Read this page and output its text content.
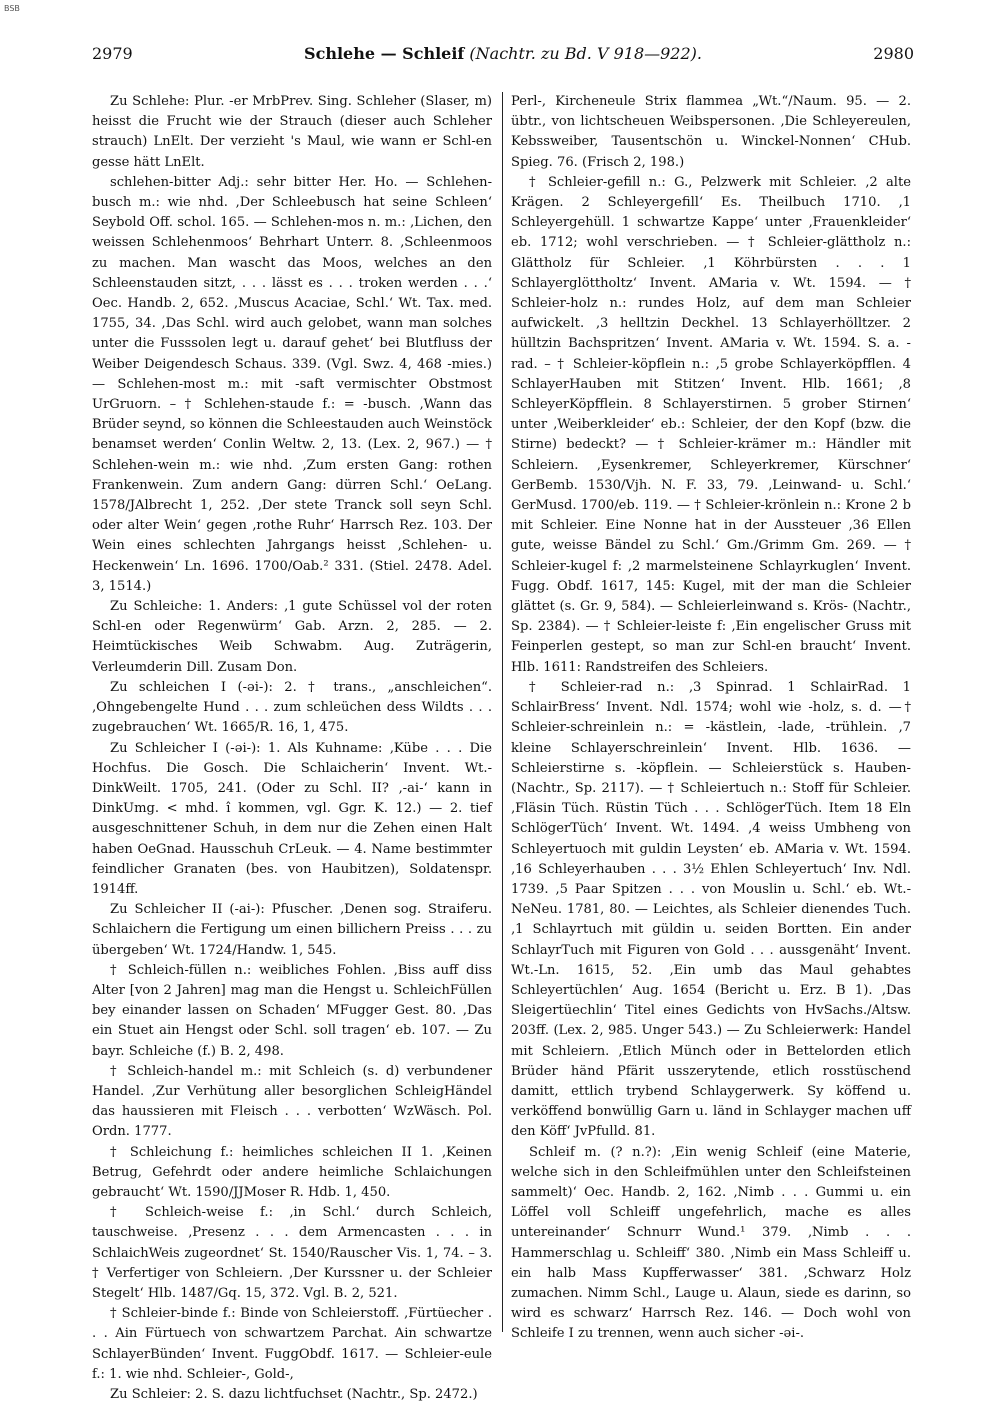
BSB
2979	Schlehe — Schleif (Nachtr. zu Bd. V 918—922).	2980

Zu Schlehe: Plur. -er MrbPrev. Sing. Schleher (Slaser, m) heisst die Frucht wie der Strauch (dieser auch Schleher strauch) LnElt. Der verzieht 's Maul, wie wann er Schl-en gesse hätt LnElt.

schlehen-bitter Adj.: sehr bitter Her. Ho. — Schlehen-busch m.: wie nhd. ‚Der Schleebusch hat seine Schleen‘ Seybold Off. schol. 165. — Schlehen-mos n. m.: ‚Lichen, den weissen Schlehenmoos‘ Behrhart Unterr. 8. ‚Schleenmoos zu machen. Man wascht das Moos, welches an den Schleenstauden sitzt, . . . lässt es . . . troken werden . . .‘ Oec. Handb. 2, 652. ‚Muscus Acaciae, Schl.‘ Wt. Tax. med. 1755, 34. ‚Das Schl. wird auch gelobet, wann man solches unter die Fusssolen legt u. darauf gehet‘ bei Blutfluss der Weiber Deigendesch Schaus. 339. (Vgl. Swz. 4, 468 -mies.) — Schlehen-most m.: mit -saft vermischter Obstmost UrGruorn. – † Schlehen-staude f.: = -busch. ‚Wann das Brüder seynd, so können die Schleestauden auch Weinstöck benamset werden‘ Conlin Weltw. 2, 13. (Lex. 2, 967.) — † Schlehen-wein m.: wie nhd. ‚Zum ersten Gang: rothen Frankenwein. Zum andern Gang: dürren Schl.‘ OeLang. 1578/JAlbrecht 1, 252. ‚Der stete Tranck soll seyn Schl. oder alter Wein‘ gegen ‚rothe Ruhr‘ Harrsch Rez. 103. Der Wein eines schlechten Jahrgangs heisst ‚Schlehen- u. Heckenwein‘ Ln. 1696. 1700/Oab.² 331. (Stiel. 2478. Adel. 3, 1514.)

Zu Schleiche: 1. Anders: ‚1 gute Schüssel vol der roten Schl-en oder Regenwürm‘ Gab. Arzn. 2, 285. — 2. Heimtückisches Weib Schwabm. Aug. Zuträgerin, Verleumderin Dill. Zusam Don.

Zu schleichen I (-əi-): 2. † trans., „anschleichen“. ‚Ohngebengelte Hund . . . zum schleüchen dess Wildts . . . zugebrauchen‘ Wt. 1665/R. 16, 1, 475.

Zu Schleicher I (-əi-): 1. Als Kuhname: ‚Kübe . . . Die Hochfus. Die Gosch. Die Schlaicherin‘ Invent. Wt.-DinkWeilt. 1705, 241. (Oder zu Schl. II? ‚-ai-‘ kann in DinkUmg. < mhd. î kommen, vgl. Ggr. K. 12.) — 2. tief ausgeschnittener Schuh, in dem nur die Zehen einen Halt haben OeGnad. Hausschuh CrLeuk. — 4. Name bestimmter feindlicher Granaten (bes. von Haubitzen), Soldatenspr. 1914ff.

Zu Schleicher II (-ai-): Pfuscher. ‚Denen sog. Straiferu. Schlaichern die Fertigung um einen billichern Preiss . . . zu übergeben‘ Wt. 1724/Handw. 1, 545.

† Schleich-füllen n.: weibliches Fohlen. ‚Biss auff diss Alter [von 2 Jahren] mag man die Hengst u. SchleichFüllen bey einander lassen on Schaden‘ MFugger Gest. 80. ‚Das ein Stuet ain Hengst oder Schl. soll tragen‘ eb. 107. — Zu bayr. Schleiche (f.) B. 2, 498.

† Schleich-handel m.: mit Schleich (s. d) verbundener Handel. ‚Zur Verhütung aller besorglichen SchleigHändel das haussieren mit Fleisch . . . verbotten‘ WzWäsch. Pol. Ordn. 1777.

† Schleichung f.: heimliches schleichen II 1. ‚Keinen Betrug, Gefehrdt oder andere heimliche Schlaichungen gebraucht‘ Wt. 1590/JJMoser R. Hdb. 1, 450.

† Schleich-weise f.: ‚in Schl.‘ durch Schleich, tauschweise. ‚Presenz . . . dem Armencasten . . . in SchlaichWeis zugeordnet‘ St. 1540/Rauscher Vis. 1, 74. – 3. † Verfertiger von Schleiern. ‚Der Kurssner u. der Schleier Stegelt‘ Hlb. 1487/Gq. 15, 372. Vgl. B. 2, 521.

† Schleier-binde f.: Binde von Schleierstoff. ‚Fürtüecher . . . Ain Fürtuech von schwartzem Parchat. Ain schwartze SchlayerBünden‘ Invent. FuggObdf. 1617. — Schleier-eule f.: 1. wie nhd. Schleier-, Gold-,

Zu Schleier: 2. S. dazu lichtfuchset (Nachtr., Sp. 2472.)

Perl-, Kircheneule Strix flammea „Wt.“/Naum. 95. — 2. übtr., von lichtscheuen Weibspersonen. ‚Die Schleyereulen, Kebssweiber, Tausentschön u. Winckel-Nonnen‘ CHub. Spieg. 76. (Frisch 2, 198.)

† Schleier-gefill n.: G., Pelzwerk mit Schleier. ‚2 alte Krägen. 2 Schleyergefill‘ Es. Theilbuch 1710. ‚1 Schleyergehüll. 1 schwartze Kappe‘ unter ‚Frauenkleider‘ eb. 1712; wohl verschrieben. — † Schleier-glättholz n.: Glättholz für Schleier. ‚1 Köhrbürsten . . . 1 Schlayerglöttholtz‘ Invent. AMaria v. Wt. 1594. — † Schleier-holz n.: rundes Holz, auf dem man Schleier aufwickelt. ‚3 helltzin Deckhel. 13 Schlayerhölltzer. 2 hülltzin Bachspritzen‘ Invent. AMaria v. Wt. 1594. S. a. -rad. – † Schleier-köpflein n.: ‚5 grobe Schlayerköpfflen. 4 SchlayerHauben mit Stitzen‘ Invent. Hlb. 1661; ‚8 SchleyerKöpfflein. 8 Schlayerstirnen. 5 grober Stirnen‘ unter ‚Weiberkleider‘ eb.: Schleier, der den Kopf (bzw. die Stirne) bedeckt? — † Schleier-krämer m.: Händler mit Schleiern. ‚Eysenkremer, Schleyerkremer, Kürschner‘ GerBemb. 1530/Vjh. N. F. 33, 79. ‚Leinwand- u. Schl.‘ GerMusd. 1700/eb. 119. — † Schleier-krönlein n.: Krone 2 b mit Schleier. Eine Nonne hat in der Aussteuer ‚36 Ellen gute, weisse Bändel zu Schl.‘ Gm./Grimm Gm. 269. — † Schleier-kugel f: ‚2 marmelsteinene Schlayrkuglen‘ Invent. Fugg. Obdf. 1617, 145: Kugel, mit der man die Schleier glättet (s. Gr. 9, 584). — Schleierleinwand s. Krös- (Nachtr., Sp. 2384). — † Schleier-leiste f: ‚Ein engelischer Gruss mit Feinperlen gestept, so man zur Schl-en braucht‘ Invent. Hlb. 1611: Randstreifen des Schleiers.

† Schleier-rad n.: ‚3 Spinrad. 1 SchlairRad. 1 SchlairBress‘ Invent. Ndl. 1574; wohl wie -holz, s. d. —† Schleier-schreinlein n.: = -kästlein, -lade, -trühlein. ‚7 kleine Schlayerschreinlein‘ Invent. Hlb. 1636. — Schleierstirne s. -köpflein. — Schleierstück s. Hauben- (Nachtr., Sp. 2117). — † Schleiertuch n.: Stoff für Schleier. ‚Fläsin Tüch. Rüstin Tüch . . . SchlögerTüch. Item 18 Eln SchlögerTüch‘ Invent. Wt. 1494. ‚4 weiss Umbheng von Schleyertuoch mit guldin Leysten‘ eb. AMaria v. Wt. 1594. ‚16 Schleyerhauben . . . 3½ Ehlen Schleyertuch‘ Inv. Ndl. 1739. ‚5 Paar Spitzen . . . von Mouslin u. Schl.‘ eb. Wt.-NeNeu. 1781, 80. — Leichtes, als Schleier dienendes Tuch. ‚1 Schlayrtuch mit güldin u. seiden Bortten. Ein ander SchlayrTuch mit Figuren von Gold . . . aussgenäht‘ Invent. Wt.-Ln. 1615, 52. ‚Ein umb das Maul gehabtes Schleyertüchlen‘ Aug. 1654 (Bericht u. Erz. B 1). ‚Das Sleigertüechlin‘ Titel eines Gedichts von HvSachs./Altsw. 203ff. (Lex. 2, 985. Unger 543.) — Zu Schleierwerk: Handel mit Schleiern. ‚Etlich Münch oder in Bettelorden etlich Brüder händ Pfärit usszerytende, etlich rosstüschend damitt, ettlich trybend Schlaygerwerk. Sy köffend u. verköffend bonwüllig Garn u. länd in Schlayger machen uff den Köff‘ JvPfulld. 81.

Schleif m. (? n.?): ‚Ein wenig Schleif (eine Materie, welche sich in den Schleifmühlen unter den Schleifsteinen sammelt)‘ Oec. Handb. 2, 162. ‚Nimb . . . Gummi u. ein Löffel voll Schleiff ungefehrlich, mache es alles untereinander‘ Schnurr Wund.¹ 379. ‚Nimb . . . Hammerschlag u. Schleiff‘ 380. ‚Nimb ein Mass Schleiff u. ein halb Mass Kupfferwasser‘ 381. ‚Schwarz Holz zumachen. Nimm Schl., Lauge u. Alaun, siede es darinn, so wird es schwarz‘ Harrsch Rez. 146. — Doch wohl von Schleife I zu trennen, wenn auch sicher -əi-.
